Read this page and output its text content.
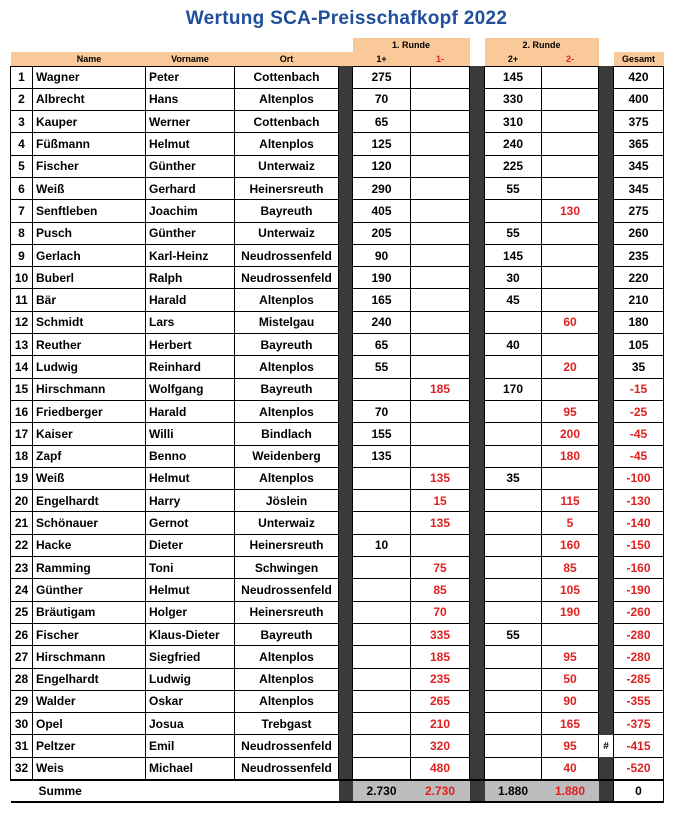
Wertung SCA-Preisschafkopf 2022
					1. Runde			2. Runde			
	Name	Vorname	Ort		1+	1-		2+	2-		Gesamt
1	Wagner	Peter	Cottenbach		275			145			420
2	Albrecht	Hans	Altenplos		70			330			400
3	Kauper	Werner	Cottenbach		65			310			375
4	Füßmann	Helmut	Altenplos		125			240			365
5	Fischer	Günther	Unterwaiz		120			225			345
6	Weiß	Gerhard	Heinersreuth		290			55			345
7	Senftleben	Joachim	Bayreuth		405				130		275
8	Pusch	Günther	Unterwaiz		205			55			260
9	Gerlach	Karl-Heinz	Neudrossenfeld		90			145			235
10	Buberl	Ralph	Neudrossenfeld		190			30			220
11	Bär	Harald	Altenplos		165			45			210
12	Schmidt	Lars	Mistelgau		240				60		180
13	Reuther	Herbert	Bayreuth		65			40			105
14	Ludwig	Reinhard	Altenplos		55				20		35
15	Hirschmann	Wolfgang	Bayreuth			185		170			-15
16	Friedberger	Harald	Altenplos		70				95		-25
17	Kaiser	Willi	Bindlach		155				200		-45
18	Zapf	Benno	Weidenberg		135				180		-45
19	Weiß	Helmut	Altenplos			135		35			-100
20	Engelhardt	Harry	Jöslein			15			115		-130
21	Schönauer	Gernot	Unterwaiz			135			5		-140
22	Hacke	Dieter	Heinersreuth		10				160		-150
23	Ramming	Toni	Schwingen			75			85		-160
24	Günther	Helmut	Neudrossenfeld			85			105		-190
25	Bräutigam	Holger	Heinersreuth			70			190		-260
26	Fischer	Klaus-Dieter	Bayreuth			335		55			-280
27	Hirschmann	Siegfried	Altenplos			185			95		-280
28	Engelhardt	Ludwig	Altenplos			235			50		-285
29	Walder	Oskar	Altenplos			265			90		-355
30	Opel	Josua	Trebgast			210			165		-375
31	Peltzer	Emil	Neudrossenfeld			320			95	#	-415
32	Weis	Michael	Neudrossenfeld			480			40		-520
	Summe				2.730	2.730		1.880	1.880		0
